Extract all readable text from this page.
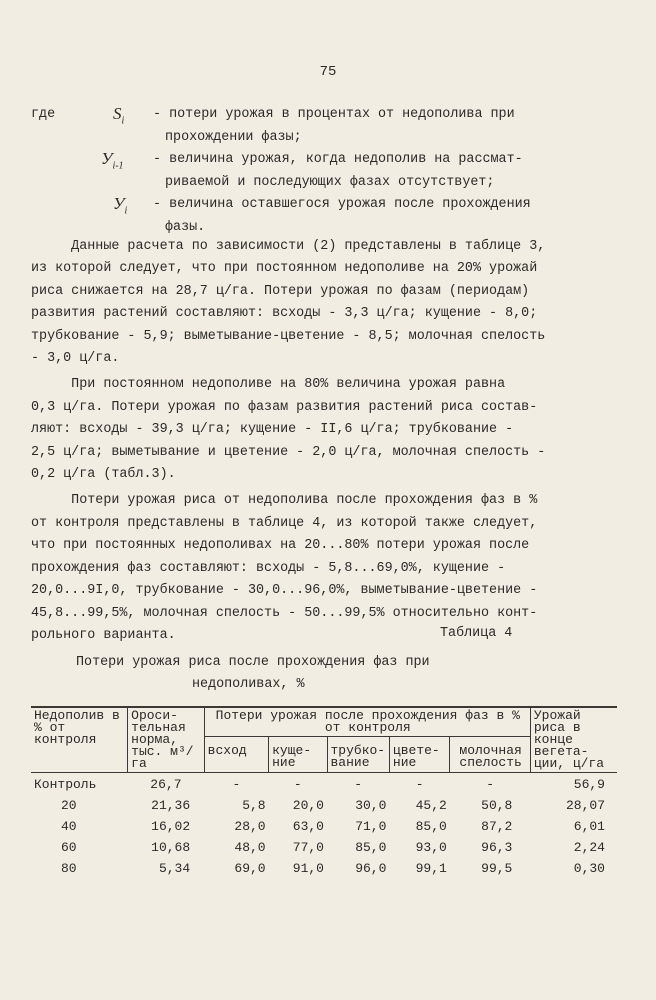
75
где	$S_i$	- потери урожая в процентах от недополива при
прохождении фазы;
$У_{i-1}$	- величина урожая, когда недополив на рассмат-
риваемой и последующих фазах отсутствует;
$У_i$	- величина оставшегося урожая после прохождения
фазы.
Данные расчета по зависимости (2) представлены в таблице 3,
из которой следует, что при постоянном недополиве на 20% урожай
риса снижается на 28,7 ц/га. Потери урожая по фазам (периодам)
развития растений составляют: всходы - 3,3 ц/га; кущение - 8,0;
трубкование - 5,9; выметывание-цветение - 8,5; молочная спелость
- 3,0 ц/га.
При постоянном недополиве на 80% величина урожая равна
0,3 ц/га. Потери урожая по фазам развития растений риса состав-
ляют: всходы - 39,3 ц/га; кущение - II,6 ц/га; трубкование -
2,5 ц/га; выметывание и цветение - 2,0 ц/га, молочная спелость -
0,2 ц/га (табл.3).
Потери урожая риса от недополива после прохождения фаз в %
от контроля представлены в таблице 4, из которой также следует,
что при постоянных недополивах на 20...80% потери урожая после
прохождения фаз составляют: всходы - 5,8...69,0%, кущение -
20,0...9I,0, трубкование - 30,0...96,0%, выметывание-цветение -
45,8...99,5%, молочная спелость - 50...99,5% относительно конт-
рольного варианта.	Таблица 4
Потери урожая риса после прохождения фаз при
недополивах, %
Недополив в % от контроля	Ороси-тельная норма, тыс. м³/га	Потери урожая после прохождения фаз в % от контроля					Урожай риса в конце вегета-ции, ц/га
		всход	куще-ние	трубко-вание	цвете-ние	молочная спелость	
Контроль	26,7	-	-	-	-	-	56,9
20	21,36	5,8	20,0	30,0	45,2	50,8	28,07
40	16,02	28,0	63,0	71,0	85,0	87,2	6,01
60	10,68	48,0	77,0	85,0	93,0	96,3	2,24
80	5,34	69,0	91,0	96,0	99,1	99,5	0,30
